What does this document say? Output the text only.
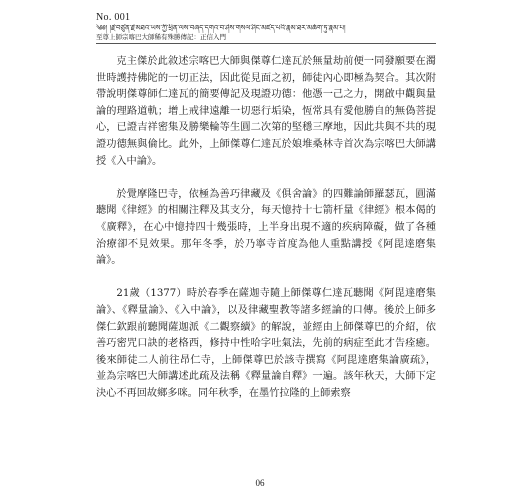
No. 001
༄༅། །རྗེ་བཙུན་རྗེ་མཐའ་ཡས་ཀྱི་ཕྲིན་ལས་བཞད་དགའ་བ་ཤེས་གསལ་ཤིང་མཛད་པའི་རྣམ་ཐར་མཆོག་ཏུ་རྣམ་པ།
至尊上師宗喀巴大師稀有殊勝傳記：正信入門

克主傑於此敘述宗喀巴大師與傑尊仁達瓦於無量劫前便一同發願要在濁世時護持佛陀的一切正法，因此從見面之初，師徒內心即極為契合。其次附帶說明傑尊師仁達瓦的簡要傳記及現證功德：他憑一己之力，開啟中觀與量論的理路道軌；增上戒律遠離一切惡行垢染，恆常具有愛他勝自的無偽菩提心，已證吉祥密集及勝樂輪等生圓二次第的堅穩三摩地，因此共與不共的現證功德無與倫比。此外，上師傑尊仁達瓦於娘堆桑林寺首次為宗喀巴大師講授《入中論》。

於覺摩隆巴寺，依極為善巧律藏及《俱舍論》的四難論師羅瑟瓦，圓滿聽聞《律經》的相關注釋及其支分，每天憶持十七箭杆量《律經》根本偈的《廣釋》，在心中憶持四十幾張時，上半身出現不適的疾病障礙，做了各種治療卻不見效果。那年冬季，於乃寧寺首度為他人重點講授《阿毘達磨集論》。

21歲（1377）時於春季在薩迦寺隨上師傑尊仁達瓦聽聞《阿毘達磨集論》、《釋量論》、《入中論》，以及律藏聖教等諸多經論的口傳。後於上師多傑仁欽跟前聽聞薩迦派《二觀察續》的解說，並經由上師傑尊巴的介紹，依善巧密咒口訣的老格西，修持中性哈字吐氣法，先前的病症至此才告痊癒。後來師徒二人前往昂仁寺，上師傑尊巴於該寺撰寫《阿毘達磨集論廣疏》，並為宗喀巴大師講述此疏及法稱《釋量論自釋》一遍。該年秋天，大師下定決心不再回故鄉多咪。同年秋季，在墨竹拉隆的上師索察

06
